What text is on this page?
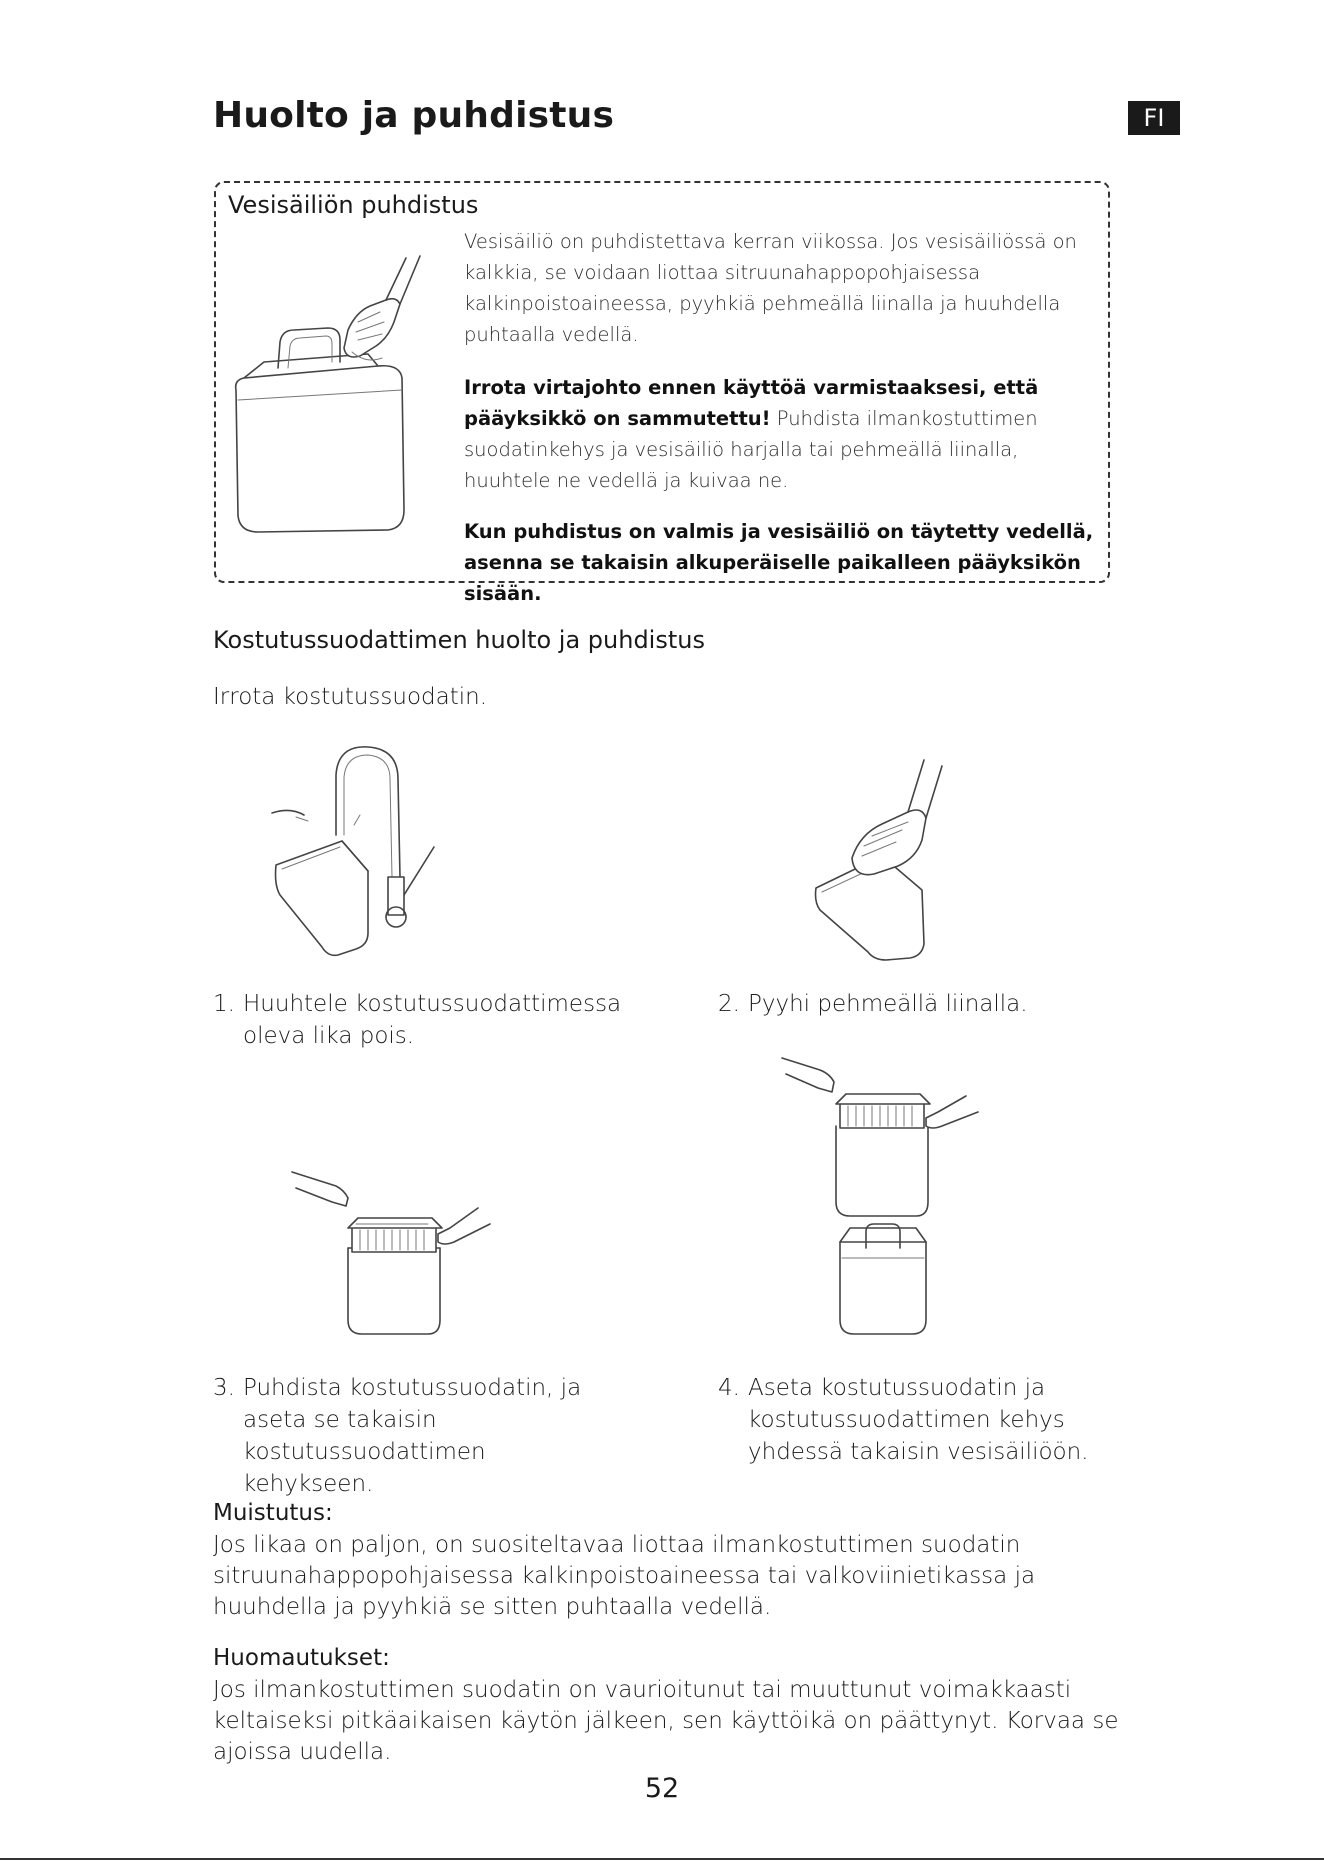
Huolto ja puhdistus	FI
Vesisäiliön puhdistus
Vesisäiliö on puhdistettava kerran viikossa. Jos vesisäiliössä on kalkkia, se voidaan liottaa sitruunahappopohjaisessa kalkinpoistoaineessa, pyyhkiä pehmeällä liinalla ja huuhdella puhtaalla vedellä.
Irrota virtajohto ennen käyttöä varmistaaksesi, että pääyksikkö on sammutettu! Puhdista ilmankostuttimen suodatinkehys ja vesisäiliö harjalla tai pehmeällä liinalla, huuhtele ne vedellä ja kuivaa ne.
Kun puhdistus on valmis ja vesisäiliö on täytetty vedellä, asenna se takaisin alkuperäiselle paikalleen pääyksikön sisään.
Kostutussuodattimen huolto ja puhdistus
Irrota kostutussuodatin.
1. Huuhtele kostutussuodattimessa oleva lika pois.
2. Pyyhi pehmeällä liinalla.
3. Puhdista kostutussuodatin, ja aseta se takaisin kostutussuodattimen kehykseen.
4. Aseta kostutussuodatin ja kostutussuodattimen kehys yhdessä takaisin vesisäiliöön.
Muistutus:
Jos likaa on paljon, on suositeltavaa liottaa ilmankostuttimen suodatin sitruunahappopohjaisessa kalkinpoistoaineessa tai valkoviinietikassa ja huuhdella ja pyyhkiä se sitten puhtaalla vedellä.
Huomautukset:
Jos ilmankostuttimen suodatin on vaurioitunut tai muuttunut voimakkaasti keltaiseksi pitkäaikaisen käytön jälkeen, sen käyttöikä on päättynyt. Korvaa se ajoissa uudella.
52
